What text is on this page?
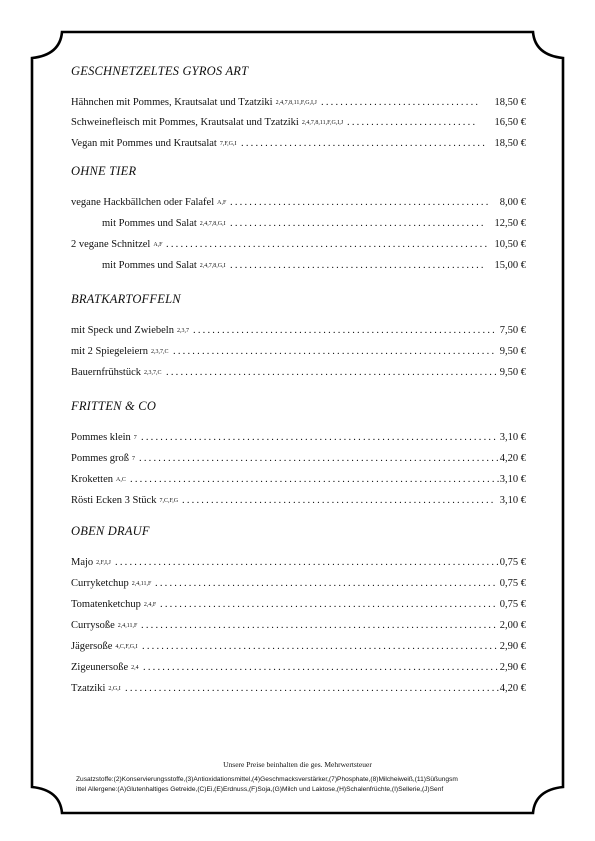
GESCHNETZELTES GYROS ART
Hähnchen mit Pommes, Krautsalat und Tzatziki 2,4,7,8,11,F,G,I,J ................................. 18,50 €
Schweinefleisch mit Pommes, Krautsalat und Tzatziki 2,4,7,8,11,F,G,I,J ........................... 16,50 €
Vegan mit Pommes und Krautsalat 7,F,G,I ................................................... 18,50 €
OHNE TIER
vegane Hackbällchen oder Falafel A,F ...................................................... 8,00 €
mit Pommes und Salat 2,4,7,8,G,I ..................................................... 12,50 €
2 vegane Schnitzel A,F ................................................................... 10,50 €
mit Pommes und Salat 2,4,7,8,G,I ..................................................... 15,00 €
BRATKARTOFFELN
mit Speck und Zwiebeln 2,3,7 ............................................................... 7,50 €
mit 2 Spiegeleiern 2,3,7,C ................................................................... 9,50 €
Bauernfrühstück 2,3,7,C ..................................................................... 9,50 €
FRITTEN & CO
Pommes klein 7 .......................................................................... 3,10 €
Pommes groß 7 ...........................................................................
4,20 €
Kroketten A,C .............................................................................
3,10 €
Rösti Ecken 3 Stück 7,C,F,G ................................................................. 3,10 €
OBEN DRAUF
Majo 2,F,I,J ................................................................................
0,75 €
Curryketchup 2,4,11,F ....................................................................... 0,75 €
Tomatenketchup 2,4,F ...................................................................... 0,75 €
Currysoße 2,4,11,F .......................................................................... 2,00 €
Jägersoße 4,C,F,G,I .......................................................................... 2,90 €
Zigeunersoße 2,4 .......................................................................... 2,90 €
Tzatziki 2,G,I ..............................................................................
4,20 €
Unsere Preise beinhalten die ges. Mehrwertsteuer
Zusatzstoffe:(2)Konservierungsstoffe,(3)Antioxidationsmittel,(4)Geschmacksverstärker,(7)Phosphate,(8)Milcheiweiß,(11)Süßungsm
ittel Allergene:(A)Glutenhaltiges Getreide,(C)Ei,(E)Erdnuss,(F)Soja,(G)Milch und Laktose,(H)Schalenfrüchte,(I)Sellerie,(J)Senf
